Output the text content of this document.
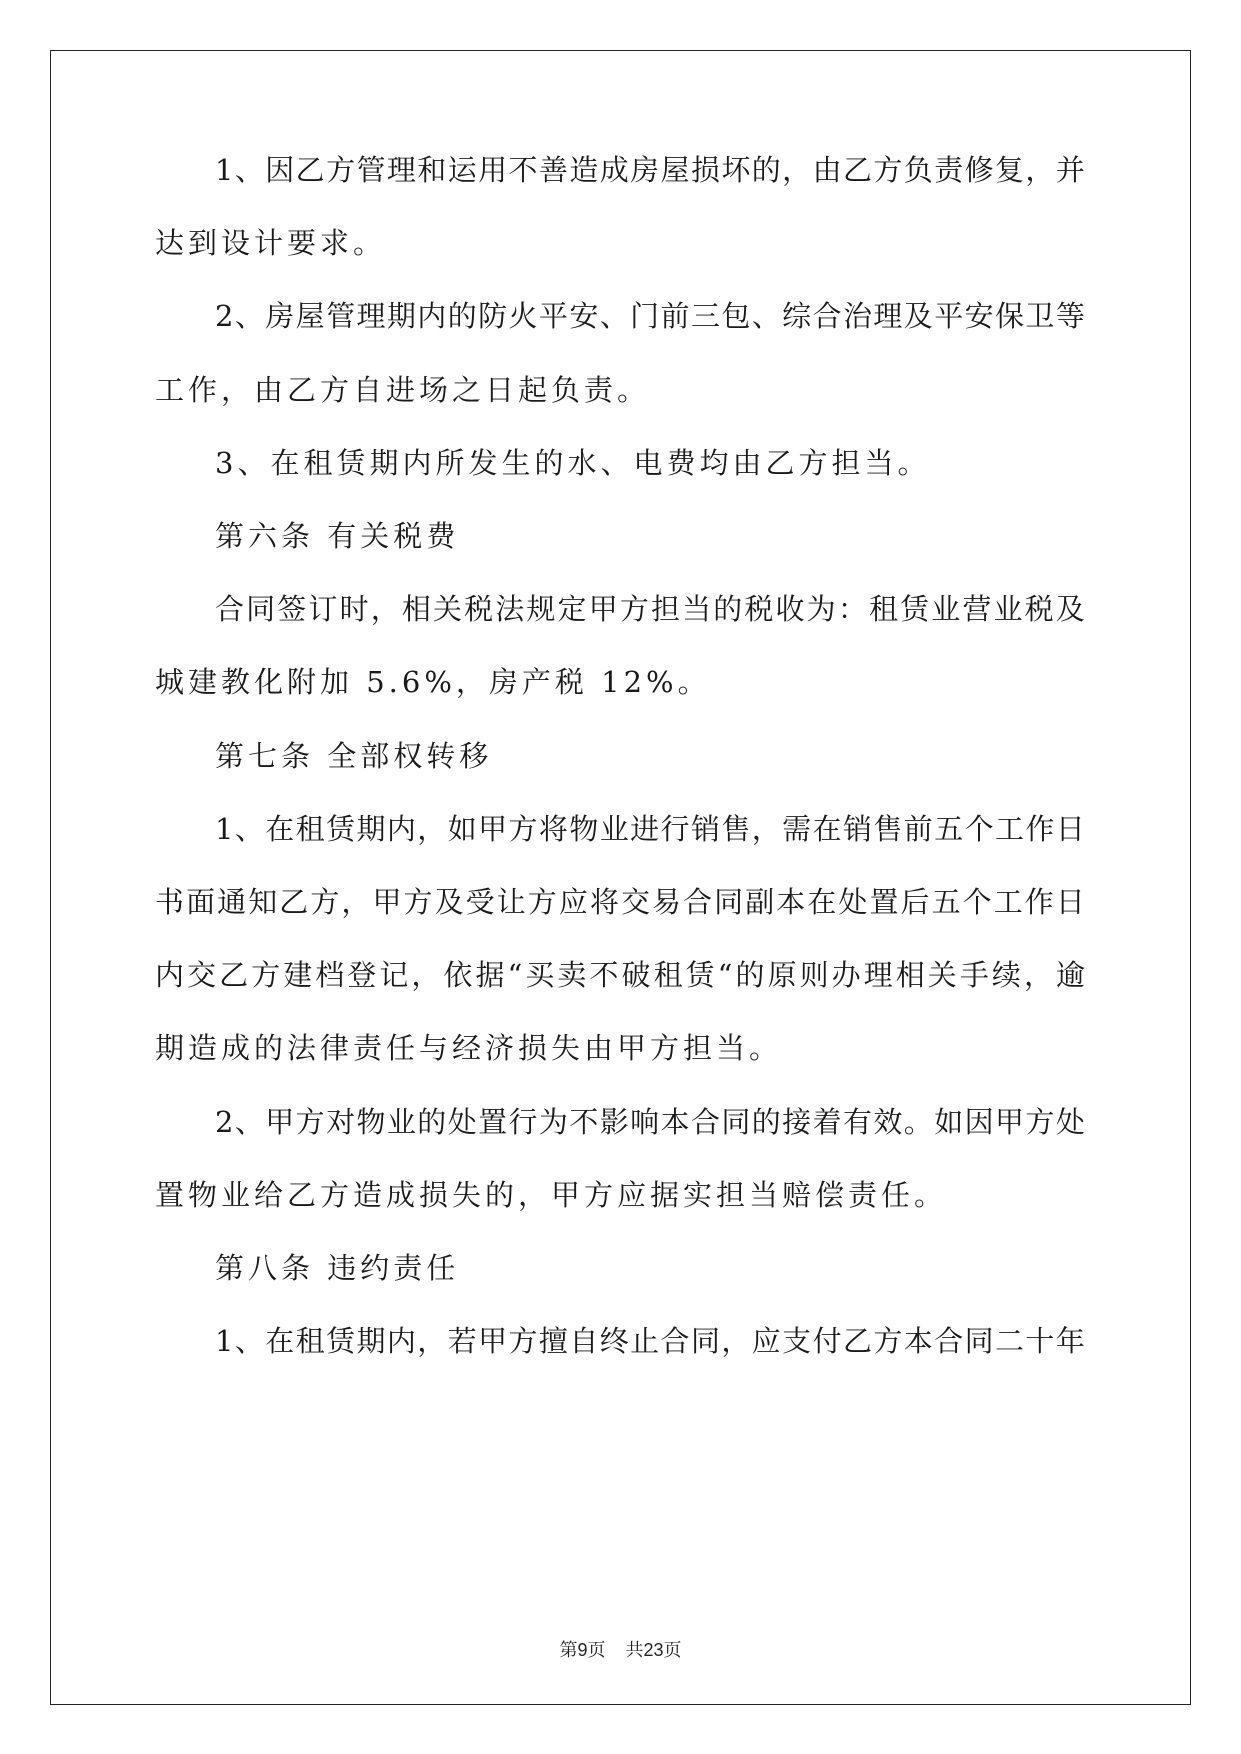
1 、 因 乙 方 管 理 和 运 用 不 善 造 成 房 屋 损 坏 的 ， 由 乙 方 负 责 修 复 ， 并
达到设计要求。
2 、 房 屋 管 理 期 内 的 防 火 平 安 、 门 前 三 包 、 综 合 治 理 及 平 安 保 卫 等
工作，由乙方自进场之日起负责。
3、在租赁期内所发生的水、电费均由乙方担当。
第六条 有关税费
合 同 签 订 时 ， 相 关 税 法 规 定 甲 方 担 当 的 税 收 为 ： 租 赁 业 营 业 税 及
城建教化附加 5.6%，房产税 12%。
第七条 全部权转移
1 、 在 租 赁 期 内 ， 如 甲 方 将 物 业 进 行 销 售 ， 需 在 销 售 前 五 个 工 作 日
书 面 通 知 乙 方 ， 甲 方 及 受 让 方 应 将 交 易 合 同 副 本 在 处 置 后 五 个 工 作 日
内 交 乙 方 建 档 登 记 ， 依 据 “ 买 卖 不 破 租 赁 “ 的 原 则 办 理 相 关 手 续 ， 逾
期造成的法律责任与经济损失由甲方担当。
2 、 甲 方 对 物 业 的 处 置 行 为 不 影 响 本 合 同 的 接 着 有 效 。 如 因 甲 方 处
置物业给乙方造成损失的，甲方应据实担当赔偿责任。
第八条 违约责任
1 、 在 租 赁 期 内 ， 若 甲 方 擅 自 终 止 合 同 ， 应 支 付 乙 方 本 合 同 二 十 年
第9页 共23页
